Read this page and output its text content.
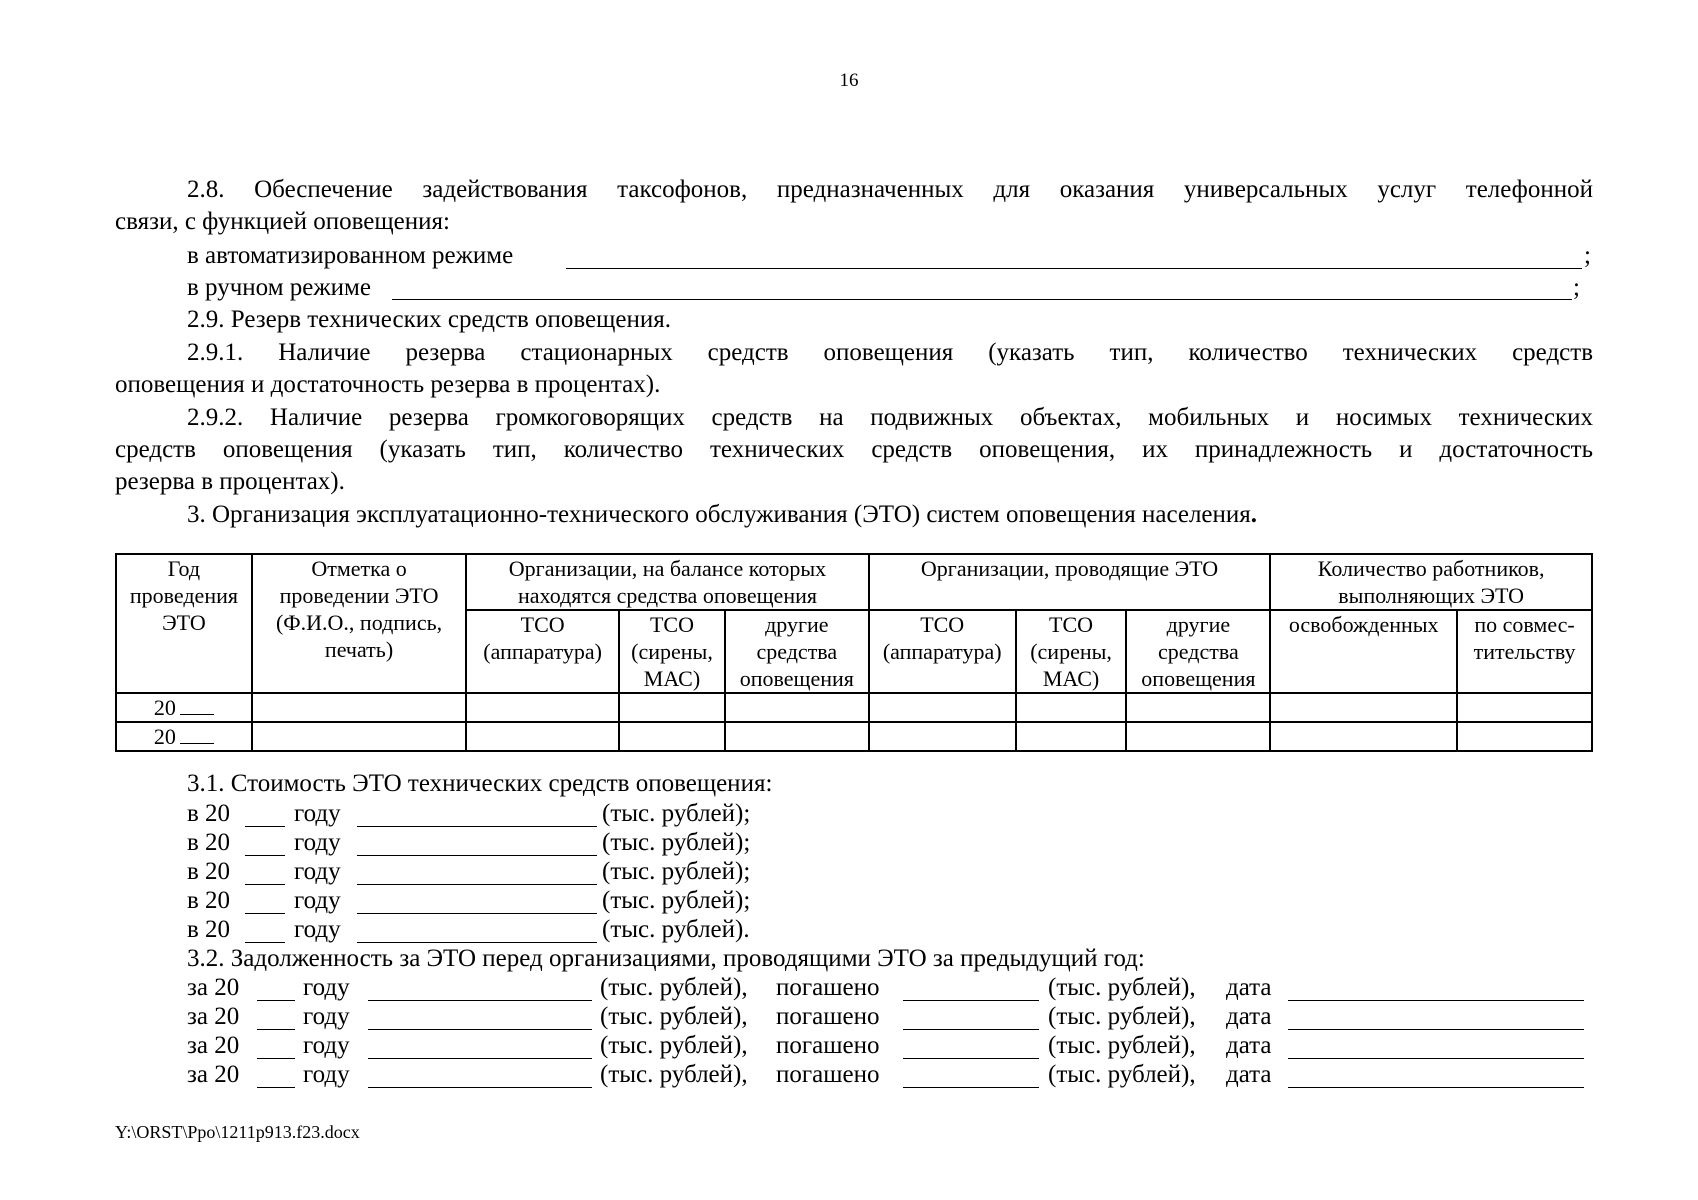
16
2.8. Обеспечение задействования таксофонов, предназначенных для оказания универсальных услуг телефонной
связи, с функцией оповещения:
в автоматизированном режиме	;
в ручном режиме	;
2.9. Резерв технических средств оповещения.
2.9.1. Наличие резерва стационарных средств оповещения (указать тип, количество технических средств
оповещения и достаточность резерва в процентах).
2.9.2. Наличие резерва громкоговорящих средств на подвижных объектах, мобильных и носимых технических
средств оповещения (указать тип, количество технических средств оповещения, их принадлежность и достаточность
резерва в процентах).
3. Организация эксплуатационно-технического обслуживания (ЭТО) систем оповещения населения.
Год проведения ЭТО	Отметка о проведении ЭТО (Ф.И.О., подпись, печать)	Организации, на балансе которых находятся средства оповещения			Организации, проводящие ЭТО			Количество работников, выполняющих ЭТО	
		ТСО (аппаратура)	ТСО (сирены, МАС)	другие средства оповещения	ТСО (аппаратура)	ТСО (сирены, МАС)	другие средства оповещения	освобожденных	по совмес-тительству
20									
20									
3.1. Стоимость ЭТО технических средств оповещения:
в 20	году	(тыс. рублей);
в 20	году	(тыс. рублей);
в 20	году	(тыс. рублей);
в 20	году	(тыс. рублей);
в 20	году	(тыс. рублей).
3.2. Задолженность за ЭТО перед организациями, проводящими ЭТО за предыдущий год:
за 20	году	(тыс. рублей), погашено	(тыс. рублей), дата
за 20	году	(тыс. рублей), погашено	(тыс. рублей), дата
за 20	году	(тыс. рублей), погашено	(тыс. рублей), дата
за 20	году	(тыс. рублей), погашено	(тыс. рублей), дата
Y:\ORST\Ppo\1211p913.f23.docx
